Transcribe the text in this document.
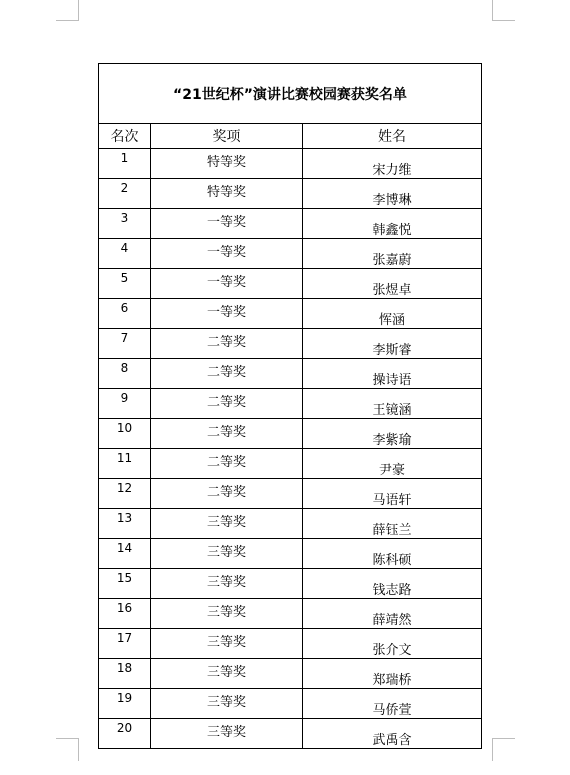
“21世纪杯”演讲比赛校园赛获奖名单		
名次	奖项	姓名
1	特等奖	宋力维
2	特等奖	李博琳
3	一等奖	韩鑫悦
4	一等奖	张嘉蔚
5	一等奖	张煜卓
6	一等奖	恽涵
7	二等奖	李斯睿
8	二等奖	操诗语
9	二等奖	王镜涵
10	二等奖	李紫瑜
11	二等奖	尹豪
12	二等奖	马语轩
13	三等奖	薛钰兰
14	三等奖	陈科硕
15	三等奖	钱志路
16	三等奖	薛靖然
17	三等奖	张介文
18	三等奖	郑瑞桥
19	三等奖	马侨萱
20	三等奖	武禹含
